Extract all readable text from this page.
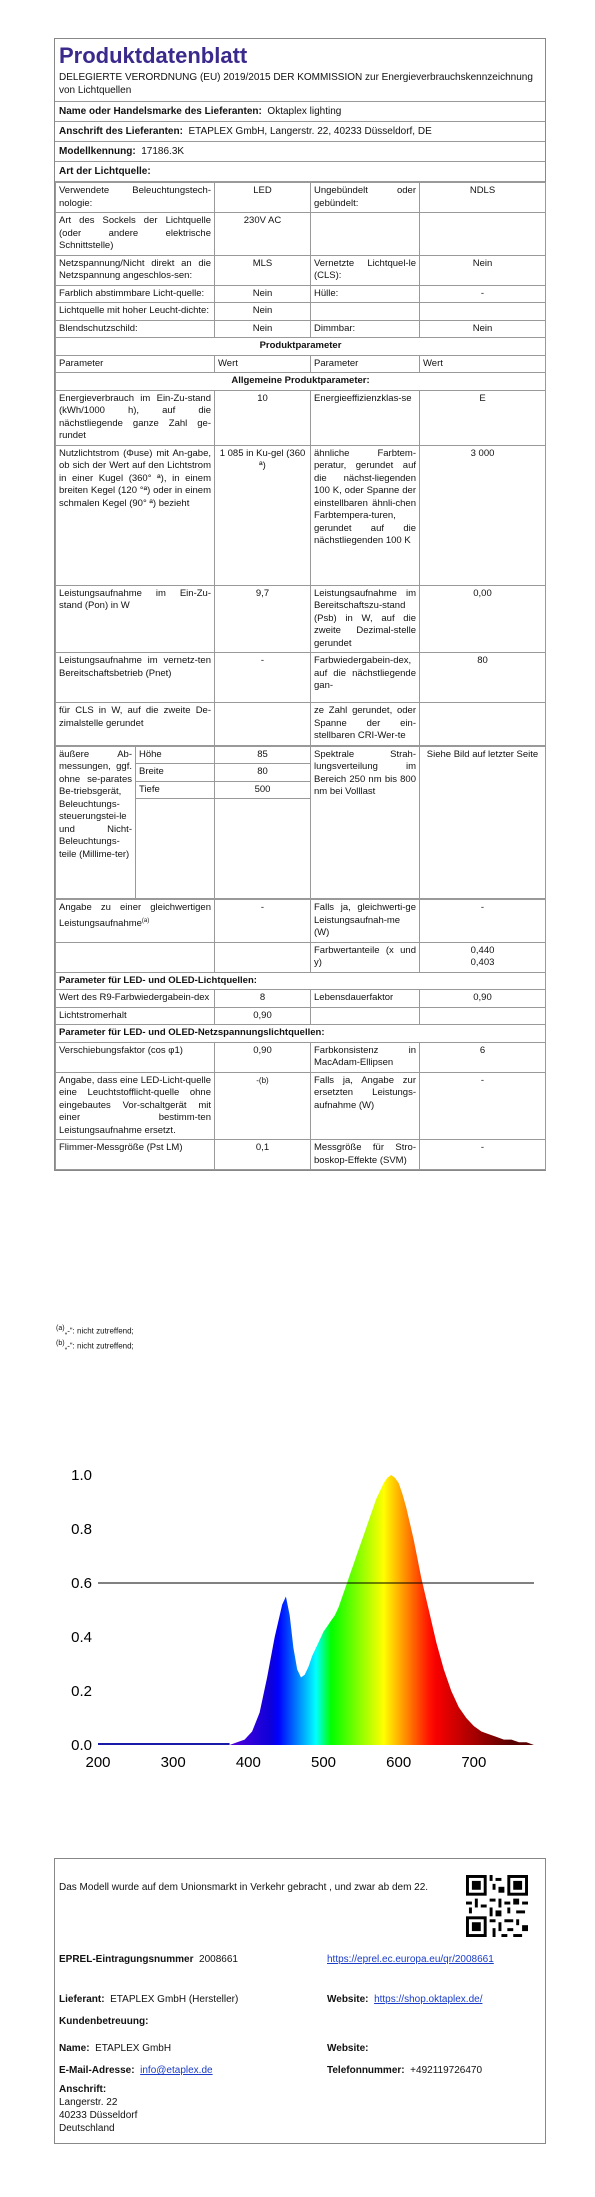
Produktdatenblatt
DELEGIERTE VERORDNUNG (EU) 2019/2015 DER KOMMISSION zur Energieverbrauchskennzeichnung von Lichtquellen
Name oder Handelsmarke des Lieferanten: Oktaplex lighting
Anschrift des Lieferanten: ETAPLEX GmbH, Langerstr. 22, 40233 Düsseldorf, DE
Modellkennung: 17186.3K
Art der Lichtquelle:
Verwendete Beleuchtungstech-nologie:	LED	Ungebündelt oder gebündelt:	NDLS
Art des Sockels der Lichtquelle (oder andere elektrische Schnittstelle)	230V AC		
Netzspannung/Nicht direkt an die Netzspannung angeschlos-sen:	MLS	Vernetzte Lichtquel-le (CLS):	Nein
Farblich abstimmbare Licht-quelle:	Nein	Hülle:	-
Lichtquelle mit hoher Leucht-dichte:	Nein		
Blendschutzschild:	Nein	Dimmbar:	Nein
Produktparameter			
Parameter	Wert	Parameter	Wert
Allgemeine Produktparameter:			
Energieverbrauch im Ein-Zu-stand (kWh/1000 h), auf die nächstliegende ganze Zahl ge-rundet	10	Energieeffizienzklas-se	E
Nutzlichtstrom (Φuse) mit An-gabe, ob sich der Wert auf den Lichtstrom in einer Kugel (360° ª), in einem breiten Kegel (120 °ª) oder in einem schmalen Kegel (90° ª) bezieht	1 085 in Ku-gel (360 ª)	ähnliche Farbtem-peratur, gerundet auf die nächst-liegenden 100 K, oder Spanne der einstellbaren ähnli-chen Farbtempera-turen, gerundet auf die nächstliegenden 100 K	3 000
Leistungsaufnahme im Ein-Zu-stand (Pon) in W	9,7	Leistungsaufnahme im Bereitschaftszu-stand (Psb) in W, auf die zweite Dezimal-stelle gerundet	0,00
Leistungsaufnahme im vernetz-ten Bereitschaftsbetrieb (Pnet)	-	Farbwiedergabein-dex, auf die nächstliegende gan-	80
für CLS in W, auf die zweite De-zimalstelle gerundet		ze Zahl gerundet, oder Spanne der ein-stellbaren CRI-Wer-te	
äußere Ab-messungen, ggf. ohne se-parates Be-triebsgerät, Beleuchtungs-steuerungstei-le und Nicht-Beleuchtungs-teile (Millime-ter)	Höhe	85	Spektrale Strah-lungsverteilung im Bereich 250 nm bis 800 nm bei Volllast	Siehe Bild auf letzter Seite
	Breite	80		
	Tiefe	500		

Angabe zu einer gleichwertigen Leistungsaufnahme$^{(a)}$	-	Falls ja, gleichwerti-ge Leistungsaufnah-me (W)	-
		Farbwertanteile (x und y)	0,440
0,403

Parameter für LED- und OLED-Lichtquellen:			
Wert des R9-Farbwiedergabein-dex	8	Lebensdauerfaktor	0,90
Lichtstromerhalt	0,90		
Parameter für LED- und OLED-Netzspannungslichtquellen:			
Verschiebungsfaktor (cos φ1)	0,90	Farbkonsistenz in MacAdam-Ellipsen	6
Angabe, dass eine LED-Licht-quelle eine Leuchtstofflicht-quelle ohne eingebautes Vor-schaltgerät mit einer bestimm-ten Leistungsaufnahme ersetzt.	-(b)	Falls ja, Angabe zur ersetzten Leistungs-aufnahme (W)	-
Flimmer-Messgröße (Pst LM)	0,1	Messgröße für Stro-boskop-Effekte (SVM)	-
$^{(a)}$„-“: nicht zutreffend;
$^{(b)}$„-“: nicht zutreffend;
0.0
0.2
0.4
0.6
0.8
1.0
200	300	400	500	600	700
Das Modell wurde auf dem Unionsmarkt in Verkehr gebracht , und zwar ab dem 22.
EPREL-Eintragungsnummer 2008661	https://eprel.ec.europa.eu/qr/2008661
Lieferant: ETAPLEX GmbH (Hersteller)	Website: https://shop.oktaplex.de/
Kundenbetreuung:
Name: ETAPLEX GmbH	Website:
E-Mail-Adresse: info@etaplex.de	Telefonnummer: +492119726470
Anschrift:
Langerstr. 22
40233 Düsseldorf
Deutschland
